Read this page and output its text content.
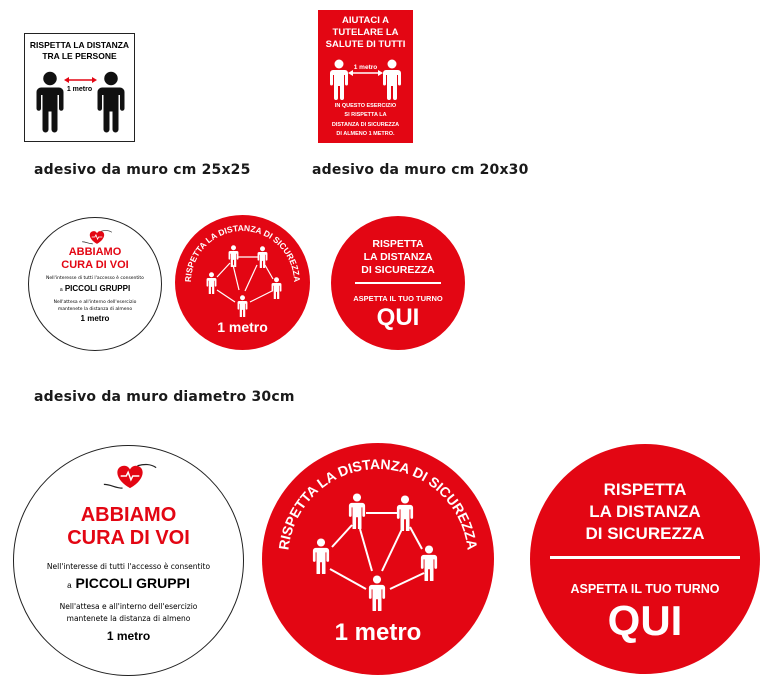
RISPETTA LA DISTANZA
TRA LE PERSONE
1 metro
AIUTACI A
TUTELARE LA
SALUTE DI TUTTI
1 metro
IN QUESTO ESERCIZIO
SI RISPETTA LA
DISTANZA DI SICUREZZA
DI ALMENO 1 METRO.
adesivo da muro cm 25x25	adesivo da muro cm 20x30
ABBIAMO
CURA DI VOI
Nell'interesse di tutti l'accesso è consentito
a PICCOLI GRUPPI
Nell'attesa e all'interno dell'esercizio
mantenete la distanza di almeno
1 metro
RISPETTA LA DISTANZA DI SICUREZZA
1 metro
RISPETTA
LA DISTANZA
DI SICUREZZA
ASPETTA IL TUO TURNO
QUI
adesivo da muro diametro 30cm
ABBIAMO
CURA DI VOI
Nell'interesse di tutti l'accesso è consentito
a PICCOLI GRUPPI
Nell'attesa e all'interno dell'esercizio
mantenete la distanza di almeno
1 metro
RISPETTA LA DISTANZA DI SICUREZZA
1 metro
RISPETTA
LA DISTANZA
DI SICUREZZA
ASPETTA IL TUO TURNO
QUI
